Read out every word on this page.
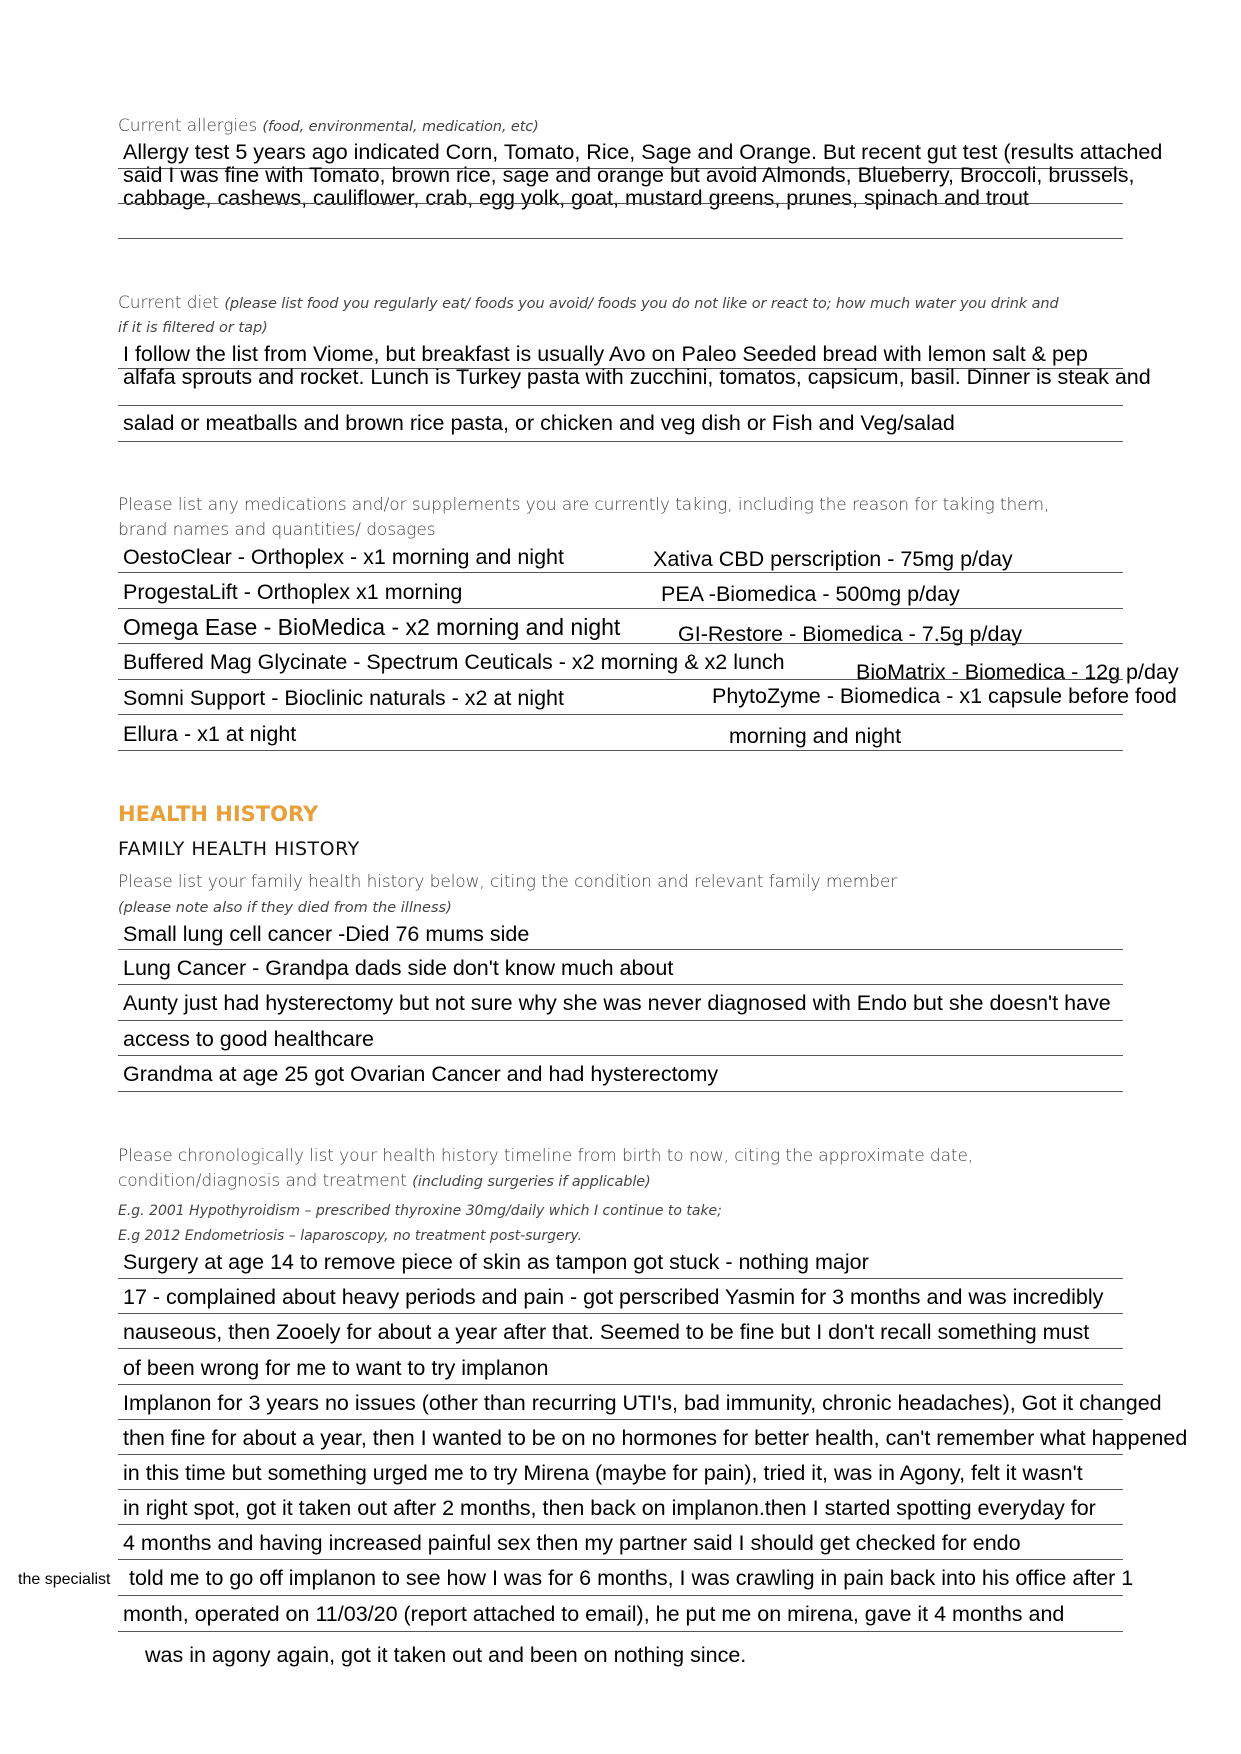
Current allergies (food, environmental, medication, etc)
Allergy test 5 years ago indicated Corn, Tomato, Rice, Sage and Orange. But recent gut test (results attached
said I was fine with Tomato, brown rice, sage and orange but avoid Almonds, Blueberry, Broccoli, brussels,
cabbage, cashews, cauliflower, crab, egg yolk, goat, mustard greens, prunes, spinach and trout
Current diet (please list food you regularly eat/ foods you avoid/ foods you do not like or react to; how much water you drink and
if it is filtered or tap)
I follow the list from Viome, but breakfast is usually Avo on Paleo Seeded bread with lemon salt & pep
alfafa sprouts and rocket. Lunch is Turkey pasta with zucchini, tomatos, capsicum, basil. Dinner is steak and
salad or meatballs and brown rice pasta, or chicken and veg dish or Fish and Veg/salad
Please list any medications and/or supplements you are currently taking, including the reason for taking them,
brand names and quantities/ dosages
OestoClear - Orthoplex - x1 morning and night	Xativa CBD perscription - 75mg p/day
ProgestaLift - Orthoplex x1 morning	PEA -Biomedica - 500mg p/day
Omega Ease - BioMedica - x2 morning and night	GI-Restore - Biomedica - 7.5g p/day
Buffered Mag Glycinate - Spectrum Ceuticals - x2 morning & x2 lunch	BioMatrix - Biomedica - 12g p/day
Somni Support - Bioclinic naturals - x2 at night	PhytoZyme - Biomedica - x1 capsule before food
Ellura - x1 at night	morning and night
HEALTH HISTORY
FAMILY HEALTH HISTORY
Please list your family health history below, citing the condition and relevant family member
(please note also if they died from the illness)
Small lung cell cancer -Died 76 mums side
Lung Cancer - Grandpa dads side don't know much about
Aunty just had hysterectomy but not sure why she was never diagnosed with Endo but she doesn't have
access to good healthcare
Grandma at age 25 got Ovarian Cancer and had hysterectomy
Please chronologically list your health history timeline from birth to now, citing the approximate date,
condition/diagnosis and treatment (including surgeries if applicable)
E.g. 2001 Hypothyroidism – prescribed thyroxine 30mg/daily which I continue to take;
E.g 2012 Endometriosis – laparoscopy, no treatment post-surgery.
Surgery at age 14 to remove piece of skin as tampon got stuck - nothing major
17 - complained about heavy periods and pain - got perscribed Yasmin for 3 months and was incredibly
nauseous, then Zooely for about a year after that. Seemed to be fine but I don't recall something must
of been wrong for me to want to try implanon
Implanon for 3 years no issues (other than recurring UTI's, bad immunity, chronic headaches), Got it changed
then fine for about a year, then I wanted to be on no hormones for better health, can't remember what happened
in this time but something urged me to try Mirena (maybe for pain), tried it, was in Agony, felt it wasn't
in right spot, got it taken out after 2 months, then back on implanon.then I started spotting everyday for
4 months and having increased painful sex then my partner said I should get checked for endo
the specialist told me to go off implanon to see how I was for 6 months, I was crawling in pain back into his office after 1
month, operated on 11/03/20 (report attached to email), he put me on mirena, gave it 4 months and
was in agony again, got it taken out and been on nothing since.
